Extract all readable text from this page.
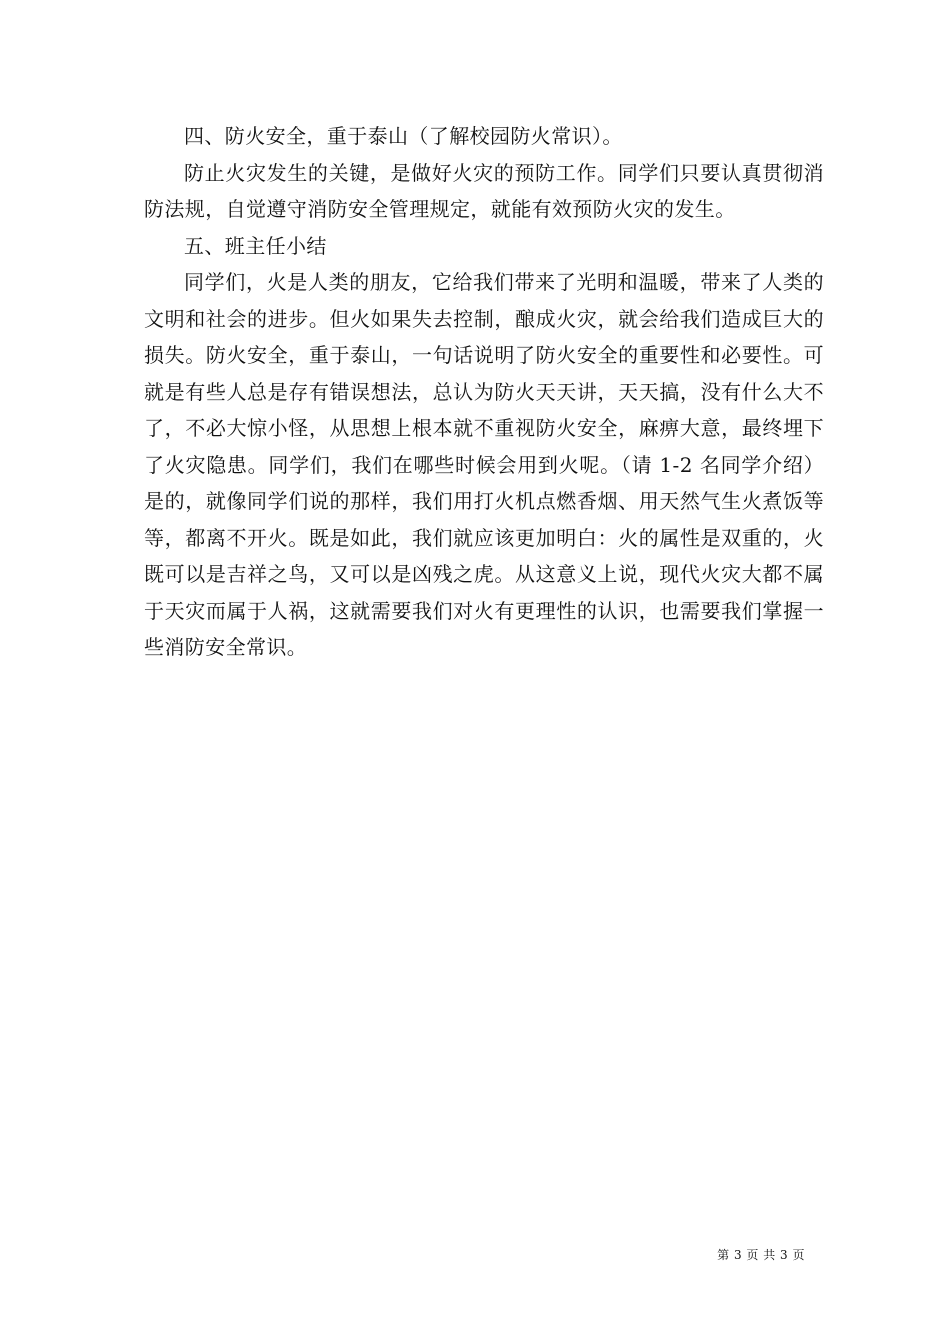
四、防火安全，重于泰山（了解校园防火常识）。

防止火灾发生的关键，是做好火灾的预防工作。同学们只要认真贯彻消防法规，自觉遵守消防安全管理规定，就能有效预防火灾的发生。

五、班主任小结

同学们，火是人类的朋友，它给我们带来了光明和温暖，带来了人类的文明和社会的进步。但火如果失去控制，酿成火灾，就会给我们造成巨大的损失。防火安全，重于泰山，一句话说明了防火安全的重要性和必要性。可就是有些人总是存有错误想法，总认为防火天天讲，天天搞，没有什么大不了，不必大惊小怪，从思想上根本就不重视防火安全，麻痹大意，最终埋下了火灾隐患。同学们，我们在哪些时候会用到火呢。（请 1-2 名同学介绍）是的，就像同学们说的那样，我们用打火机点燃香烟、用天然气生火煮饭等等，都离不开火。既是如此，我们就应该更加明白：火的属性是双重的，火既可以是吉祥之鸟，又可以是凶残之虎。从这意义上说，现代火灾大都不属于天灾而属于人祸，这就需要我们对火有更理性的认识，也需要我们掌握一些消防安全常识。

第 3 页 共 3 页
